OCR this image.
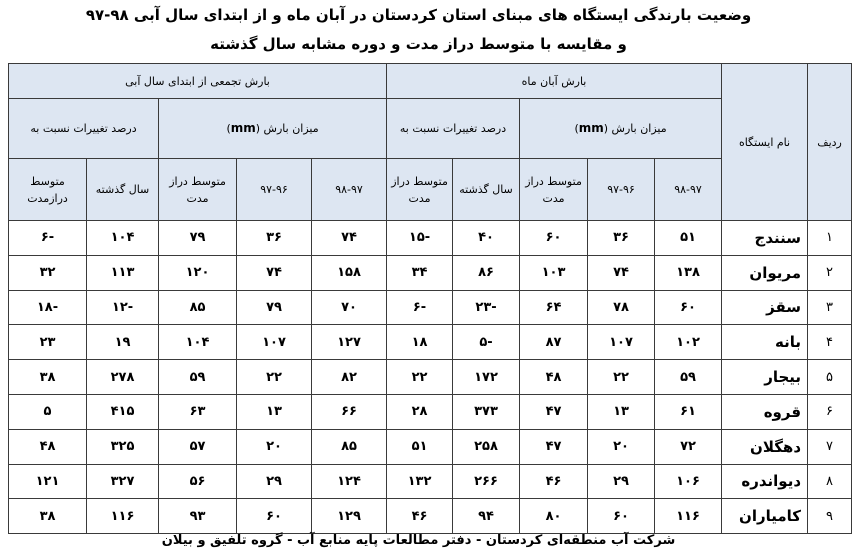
وضعیت بارندگی ایستگاه های مبنای استان کردستان در آبان ماه و از ابتدای سال آبی ۹۸-۹۷
و مقایسه با متوسط دراز مدت و دوره مشابه سال گذشته
ردیف	نام ایستگاه	بارش آبان ماه					بارش تجمعی از ابتدای سال آبی				
		میزان بارش (mm)			درصد تغییرات نسبت به		میزان بارش (mm)			درصد تغییرات نسبت به	
		۹۸-۹۷	۹۷-۹۶	متوسط دراز مدت	سال گذشته	متوسط دراز مدت	۹۸-۹۷	۹۷-۹۶	متوسط دراز مدت	سال گذشته	متوسط درازمدت
۱	سنندج	۵۱	۳۶	۶۰	۴۰	-۱۵	۷۴	۳۶	۷۹	۱۰۴	-۶
۲	مریوان	۱۳۸	۷۴	۱۰۳	۸۶	۳۴	۱۵۸	۷۴	۱۲۰	۱۱۳	۳۲
۳	سقز	۶۰	۷۸	۶۴	-۲۳	-۶	۷۰	۷۹	۸۵	-۱۲	-۱۸
۴	بانه	۱۰۲	۱۰۷	۸۷	-۵	۱۸	۱۲۷	۱۰۷	۱۰۴	۱۹	۲۳
۵	بیجار	۵۹	۲۲	۴۸	۱۷۲	۲۲	۸۲	۲۲	۵۹	۲۷۸	۳۸
۶	قروه	۶۱	۱۳	۴۷	۳۷۳	۲۸	۶۶	۱۳	۶۳	۴۱۵	۵
۷	دهگلان	۷۲	۲۰	۴۷	۲۵۸	۵۱	۸۵	۲۰	۵۷	۳۲۵	۴۸
۸	دیواندره	۱۰۶	۲۹	۴۶	۲۶۶	۱۳۲	۱۲۴	۲۹	۵۶	۳۲۷	۱۲۱
۹	کامیاران	۱۱۶	۶۰	۸۰	۹۴	۴۶	۱۲۹	۶۰	۹۳	۱۱۶	۳۸
شرکت آب منطقه‌ای کردستان - دفتر مطالعات پایه منابع آب - گروه تلفیق و بیلان
